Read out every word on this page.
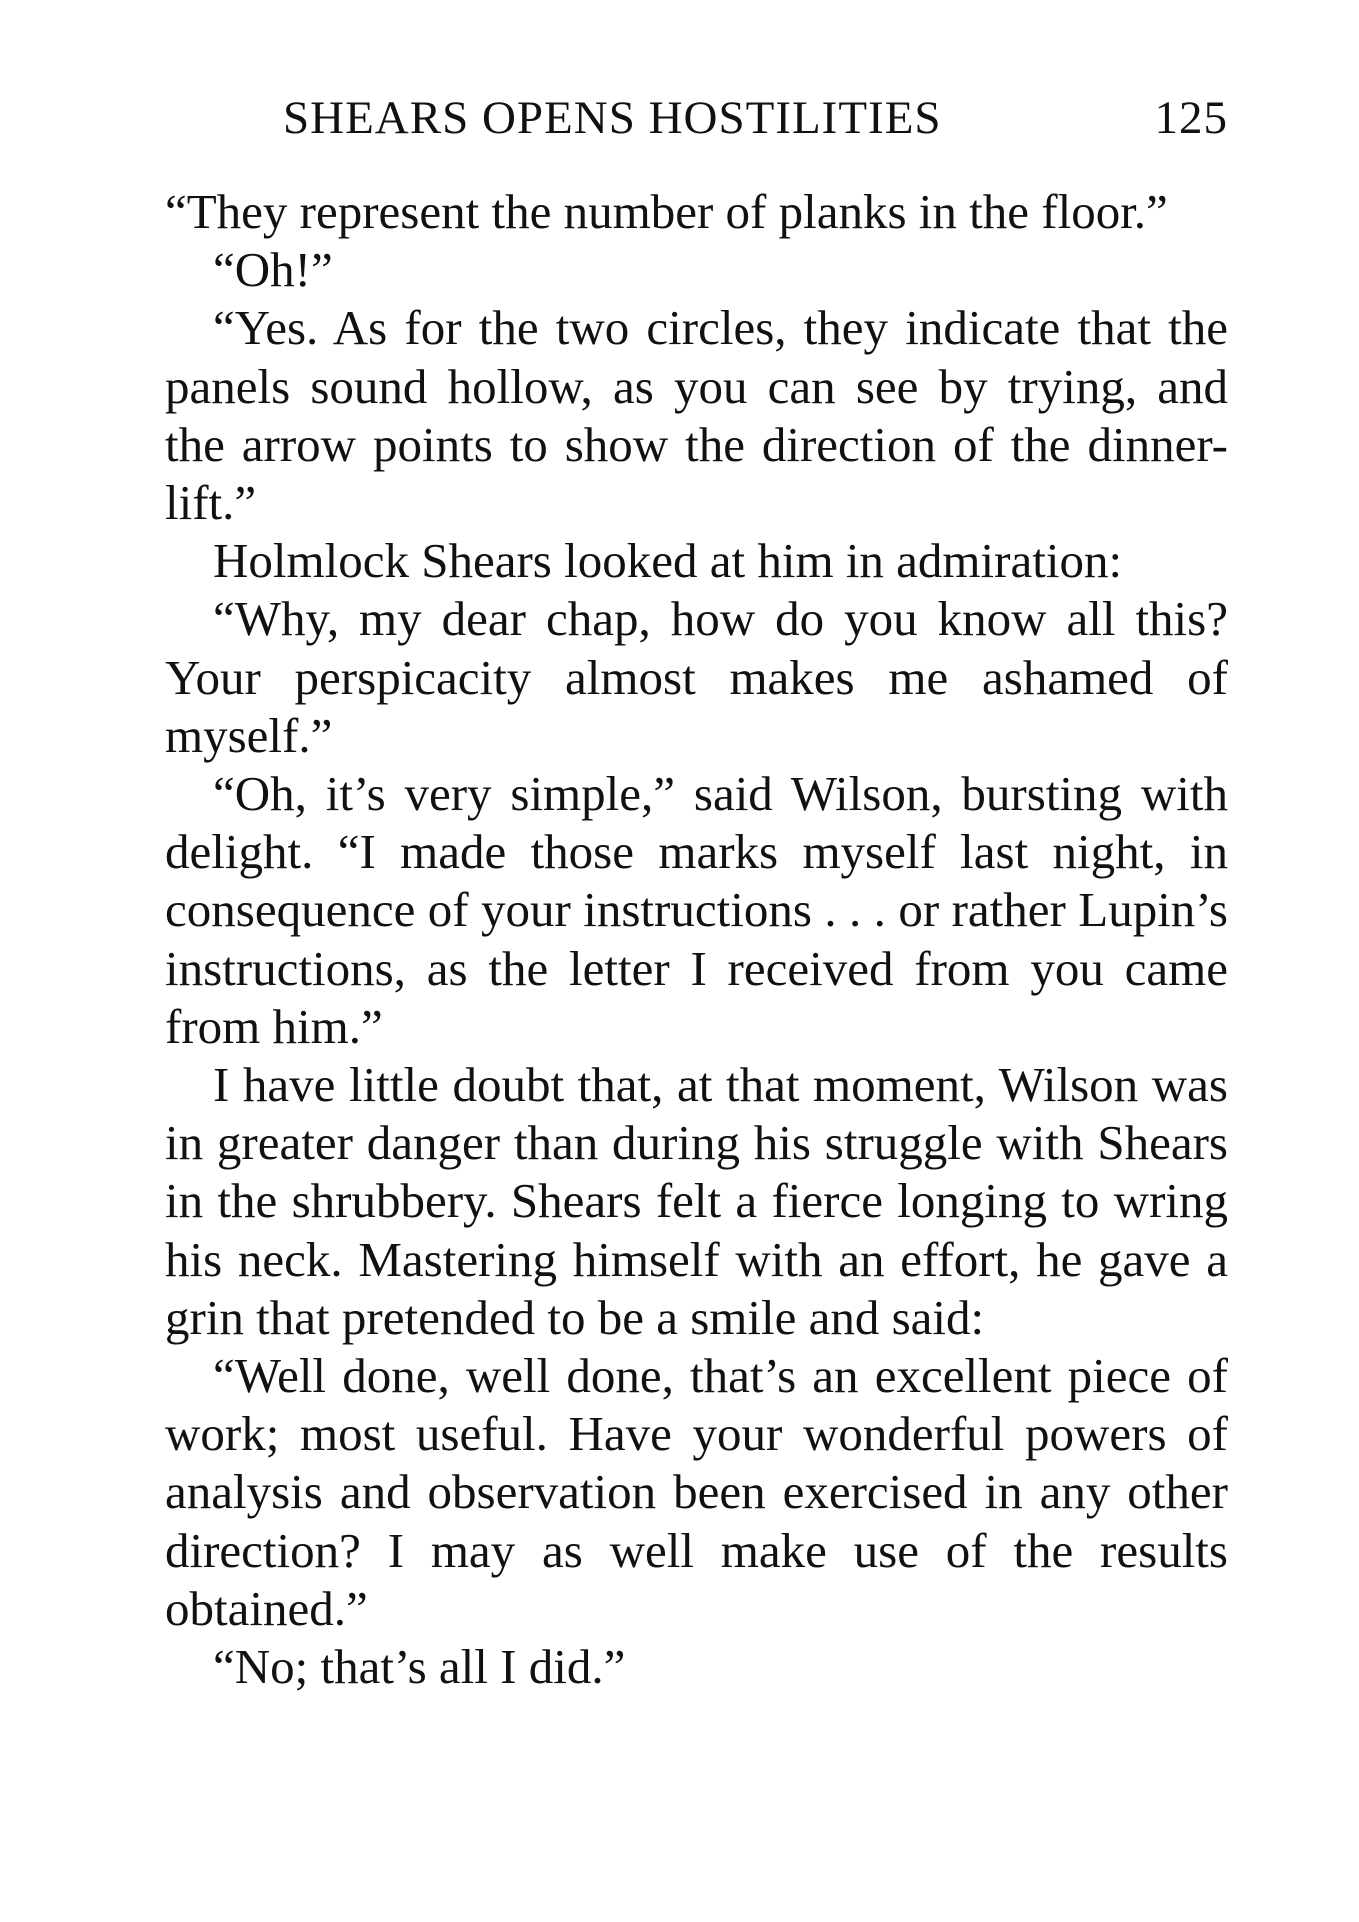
SHEARS OPENS HOSTILITIES	125

“They represent the number of planks in the floor.”

“Oh!”

“Yes. As for the two circles, they indicate that the panels sound hollow, as you can see by trying, and the arrow points to show the direction of the dinner-lift.”

Holmlock Shears looked at him in admiration:

“Why, my dear chap, how do you know all this? Your perspicacity almost makes me ashamed of myself.”

“Oh, it’s very simple,” said Wilson, bursting with delight. “I made those marks myself last night, in consequence of your instructions . . . or rather Lupin’s instructions, as the letter I received from you came from him.”

I have little doubt that, at that moment, Wilson was in greater danger than during his struggle with Shears in the shrubbery. Shears felt a fierce longing to wring his neck. Mastering himself with an effort, he gave a grin that pretended to be a smile and said:

“Well done, well done, that’s an excellent piece of work; most useful. Have your wonderful powers of analysis and observation been exercised in any other direction? I may as well make use of the results obtained.”

“No; that’s all I did.”
